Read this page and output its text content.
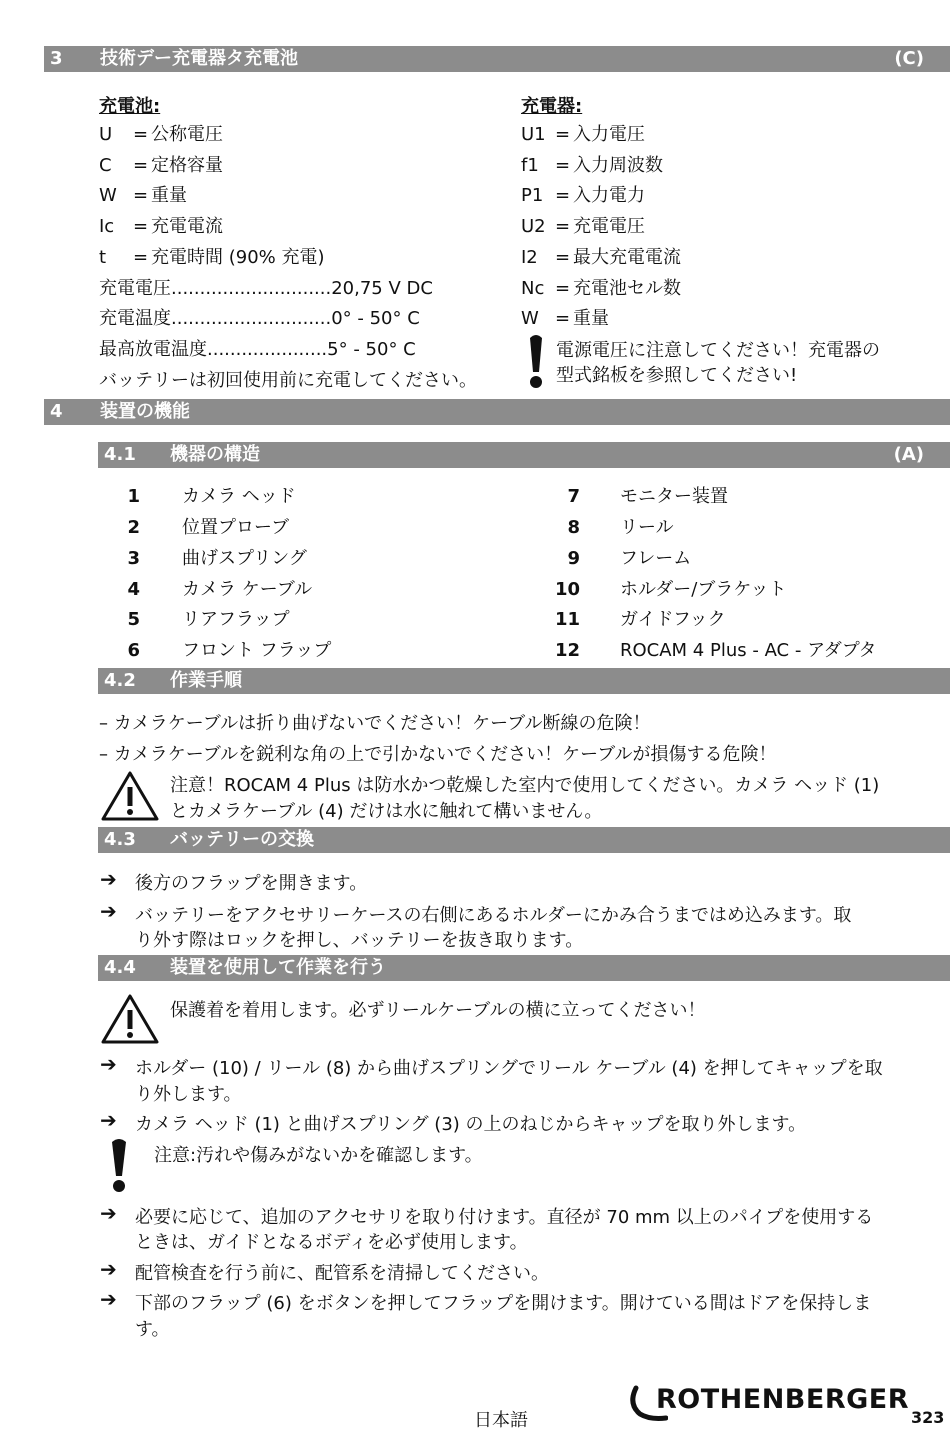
3 技術デー充電器タ充電池	(C)
充電池:
U = 公称電圧
C = 定格容量
W = 重量
Ic = 充電電流
t = 充電時間 (90% 充電)
充電電圧............................20,75 V DC
充電温度............................0° - 50° C
最高放電温度.....................5° - 50° C
バッテリーは初回使用前に充電してください。
充電器:
U1 = 入力電圧
f1 = 入力周波数
P1 = 入力電力
U2 = 充電電圧
I2 = 最大充電電流
Nc = 充電池セル数
W = 重量
電源電圧に注意してください！充電器の
型式銘板を参照してください!
4 装置の機能
4.1 機器の構造	(A)
1 カメラ ヘッド
2 位置プローブ
3 曲げスプリング
4 カメラ ケーブル
5 リアフラップ
6 フロント フラップ
7 モニター装置
8 リール
9 フレーム
10 ホルダー/ブラケット
11 ガイドフック
12 ROCAM 4 Plus - AC - アダプタ
4.2 作業手順
– カメラケーブルは折り曲げないでください！ケーブル断線の危険！
– カメラケーブルを鋭利な角の上で引かないでください！ケーブルが損傷する危険！
注意！ROCAM 4 Plus は防水かつ乾燥した室内で使用してください。カメラ ヘッド (1)
とカメラケーブル (4) だけは水に触れて構いません。
4.3 バッテリーの交換
➔ 後方のフラップを開きます。
➔ バッテリーをアクセサリーケースの右側にあるホルダーにかみ合うまではめ込みます。取
り外す際はロックを押し、バッテリーを抜き取ります。
4.4 装置を使用して作業を行う
保護着を着用します。必ずリールケーブルの横に立ってください！
➔ ホルダー (10) / リール (8) から曲げスプリングでリール ケーブル (4) を押してキャップを取
り外します。
➔ カメラ ヘッド (1) と曲げスプリング (3) の上のねじからキャップを取り外します。
注意:汚れや傷みがないかを確認します。
➔ 必要に応じて、追加のアクセサリを取り付けます。直径が 70 mm 以上のパイプを使用する
ときは、ガイドとなるボディを必ず使用します。
➔ 配管検査を行う前に、配管系を清掃してください。
➔ 下部のフラップ (6) をボタンを押してフラップを開けます。開けている間はドアを保持しま
す。
日本語
ROTHENBERGER
323
